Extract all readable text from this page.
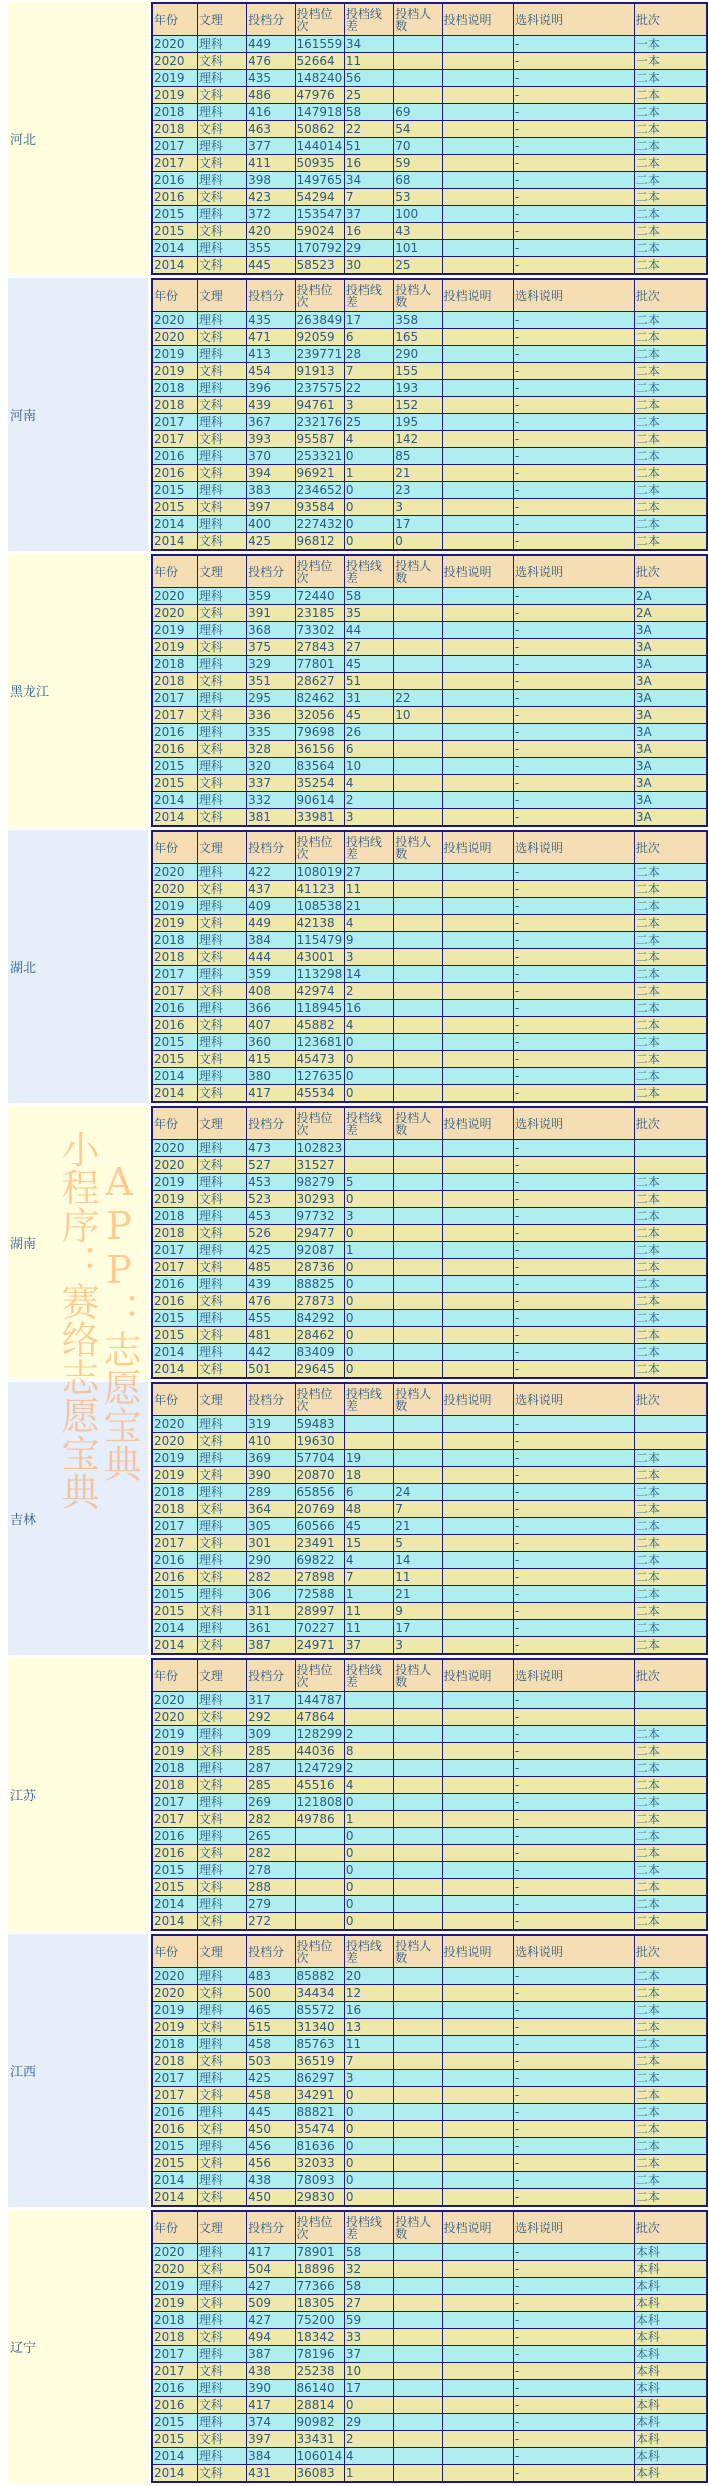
河北
年份	文理	投档分	投档位次	投档线差	投档人数	投档说明	选科说明	批次
2020	理科	449	161559	34			-	一本
2020	文科	476	52664	11			-	一本
2019	理科	435	148240	56			-	二本
2019	文科	486	47976	25			-	二本
2018	理科	416	147918	58	69		-	二本
2018	文科	463	50862	22	54		-	二本
2017	理科	377	144014	51	70		-	二本
2017	文科	411	50935	16	59		-	二本
2016	理科	398	149765	34	68		-	二本
2016	文科	423	54294	7	53		-	二本
2015	理科	372	153547	37	100		-	二本
2015	文科	420	59024	16	43		-	二本
2014	理科	355	170792	29	101		-	二本
2014	文科	445	58523	30	25		-	二本
河南
年份	文理	投档分	投档位次	投档线差	投档人数	投档说明	选科说明	批次
2020	理科	435	263849	17	358		-	二本
2020	文科	471	92059	6	165		-	二本
2019	理科	413	239771	28	290		-	二本
2019	文科	454	91913	7	155		-	二本
2018	理科	396	237575	22	193		-	二本
2018	文科	439	94761	3	152		-	二本
2017	理科	367	232176	25	195		-	二本
2017	文科	393	95587	4	142		-	二本
2016	理科	370	253321	0	85		-	二本
2016	文科	394	96921	1	21		-	二本
2015	理科	383	234652	0	23		-	二本
2015	文科	397	93584	0	3		-	二本
2014	理科	400	227432	0	17		-	二本
2014	文科	425	96812	0	0		-	二本
黑龙江
年份	文理	投档分	投档位次	投档线差	投档人数	投档说明	选科说明	批次
2020	理科	359	72440	58			-	2A
2020	文科	391	23185	35			-	2A
2019	理科	368	73302	44			-	3A
2019	文科	375	27843	27			-	3A
2018	理科	329	77801	45			-	3A
2018	文科	351	28627	51			-	3A
2017	理科	295	82462	31	22		-	3A
2017	文科	336	32056	45	10		-	3A
2016	理科	335	79698	26			-	3A
2016	文科	328	36156	6			-	3A
2015	理科	320	83564	10			-	3A
2015	文科	337	35254	4			-	3A
2014	理科	332	90614	2			-	3A
2014	文科	381	33981	3			-	3A
湖北
年份	文理	投档分	投档位次	投档线差	投档人数	投档说明	选科说明	批次
2020	理科	422	108019	27			-	二本
2020	文科	437	41123	11			-	二本
2019	理科	409	108538	21			-	二本
2019	文科	449	42138	4			-	二本
2018	理科	384	115479	9			-	二本
2018	文科	444	43001	3			-	二本
2017	理科	359	113298	14			-	二本
2017	文科	408	42974	2			-	二本
2016	理科	366	118945	16			-	二本
2016	文科	407	45882	4			-	二本
2015	理科	360	123681	0			-	二本
2015	文科	415	45473	0			-	二本
2014	理科	380	127635	0			-	二本
2014	文科	417	45534	0			-	二本
湖南
年份	文理	投档分	投档位次	投档线差	投档人数	投档说明	选科说明	批次
2020	理科	473	102823				-	
2020	文科	527	31527				-	
2019	理科	453	98279	5			-	二本
2019	文科	523	30293	0			-	二本
2018	理科	453	97732	3			-	二本
2018	文科	526	29477	0			-	二本
2017	理科	425	92087	1			-	二本
2017	文科	485	28736	0			-	二本
2016	理科	439	88825	0			-	二本
2016	文科	476	27873	0			-	二本
2015	理科	455	84292	0			-	二本
2015	文科	481	28462	0			-	二本
2014	理科	442	83409	0			-	二本
2014	文科	501	29645	0			-	二本
吉林
年份	文理	投档分	投档位次	投档线差	投档人数	投档说明	选科说明	批次
2020	理科	319	59483				-	
2020	文科	410	19630				-	
2019	理科	369	57704	19			-	二本
2019	文科	390	20870	18			-	二本
2018	理科	289	65856	6	24		-	二本
2018	文科	364	20769	48	7		-	二本
2017	理科	305	60566	45	21		-	二本
2017	文科	301	23491	15	5		-	二本
2016	理科	290	69822	4	14		-	二本
2016	文科	282	27898	7	11		-	二本
2015	理科	306	72588	1	21		-	二本
2015	文科	311	28997	11	9		-	二本
2014	理科	361	70227	11	17		-	二本
2014	文科	387	24971	37	3		-	二本
江苏
年份	文理	投档分	投档位次	投档线差	投档人数	投档说明	选科说明	批次
2020	理科	317	144787				-	
2020	文科	292	47864				-	
2019	理科	309	128299	2			-	二本
2019	文科	285	44036	8			-	二本
2018	理科	287	124729	2			-	二本
2018	文科	285	45516	4			-	二本
2017	理科	269	121808	0			-	二本
2017	文科	282	49786	1			-	二本
2016	理科	265		0			-	二本
2016	文科	282		0			-	二本
2015	理科	278		0			-	二本
2015	文科	288		0			-	二本
2014	理科	279		0			-	二本
2014	文科	272		0			-	二本
江西
年份	文理	投档分	投档位次	投档线差	投档人数	投档说明	选科说明	批次
2020	理科	483	85882	20			-	二本
2020	文科	500	34434	12			-	二本
2019	理科	465	85572	16			-	二本
2019	文科	515	31340	13			-	二本
2018	理科	458	85763	11			-	二本
2018	文科	503	36519	7			-	二本
2017	理科	425	86297	3			-	二本
2017	文科	458	34291	0			-	二本
2016	理科	445	88821	0			-	二本
2016	文科	450	35474	0			-	二本
2015	理科	456	81636	0			-	二本
2015	文科	456	32033	0			-	二本
2014	理科	438	78093	0			-	二本
2014	文科	450	29830	0			-	二本
辽宁
年份	文理	投档分	投档位次	投档线差	投档人数	投档说明	选科说明	批次
2020	理科	417	78901	58			-	本科
2020	文科	504	18896	32			-	本科
2019	理科	427	77366	58			-	本科
2019	文科	509	18305	27			-	本科
2018	理科	427	75200	59			-	本科
2018	文科	494	18342	33			-	本科
2017	理科	387	78196	37			-	本科
2017	文科	438	25238	10			-	本科
2016	理科	390	86140	17			-	本科
2016	文科	417	28814	0			-	本科
2015	理科	374	90982	29			-	本科
2015	文科	397	33431	2			-	本科
2014	理科	384	106014	4			-	本科
2014	文科	431	36083	1			-	本科
小程序：赛络志愿宝典
APP：志愿宝典
